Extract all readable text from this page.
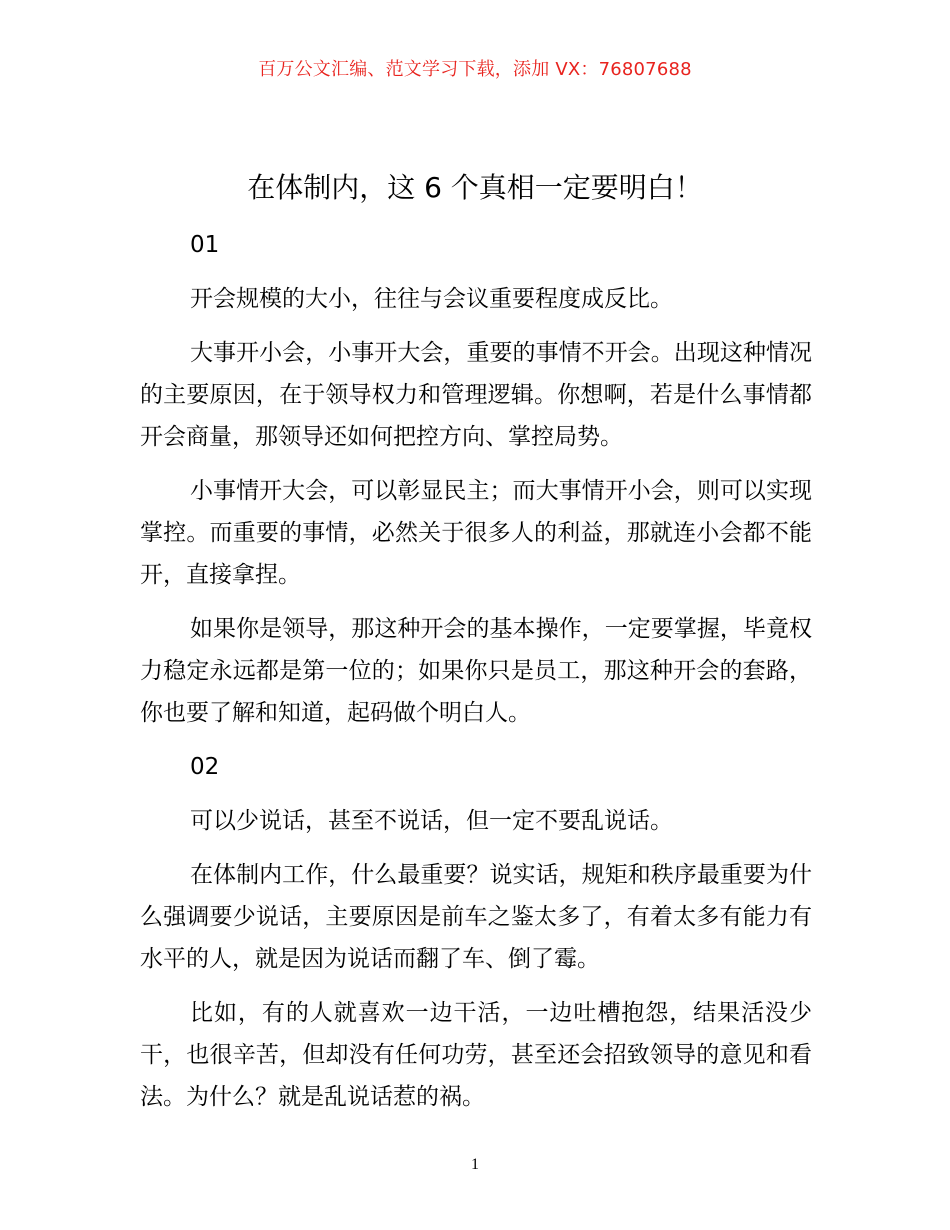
百万公文汇编、范文学习下载，添加 VX：76807688
在体制内，这 6 个真相一定要明白！

01

开会规模的大小，往往与会议重要程度成反比。

大事开小会，小事开大会，重要的事情不开会。出现这种情况的主要原因，在于领导权力和管理逻辑。你想啊，若是什么事情都开会商量，那领导还如何把控方向、掌控局势。

小事情开大会，可以彰显民主；而大事情开小会，则可以实现掌控。而重要的事情，必然关于很多人的利益，那就连小会都不能开，直接拿捏。

如果你是领导，那这种开会的基本操作，一定要掌握，毕竟权力稳定永远都是第一位的；如果你只是员工，那这种开会的套路，你也要了解和知道，起码做个明白人。

02

可以少说话，甚至不说话，但一定不要乱说话。

在体制内工作，什么最重要？说实话，规矩和秩序最重要为什么强调要少说话，主要原因是前车之鉴太多了，有着太多有能力有水平的人，就是因为说话而翻了车、倒了霉。

比如，有的人就喜欢一边干活，一边吐槽抱怨，结果活没少干，也很辛苦，但却没有任何功劳，甚至还会招致领导的意见和看法。为什么？就是乱说话惹的祸。

1
